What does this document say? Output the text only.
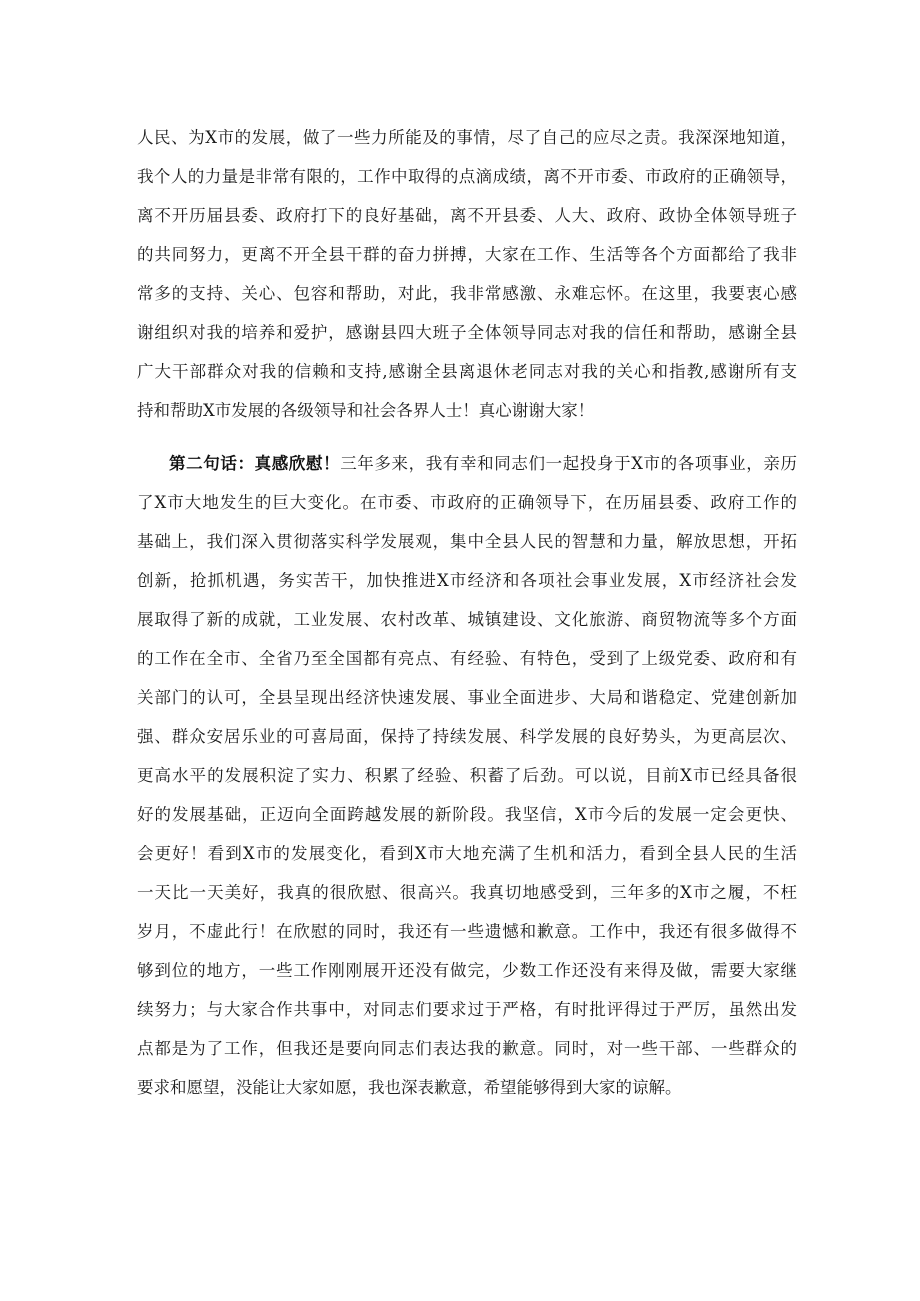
人民、为X市的发展，做了一些力所能及的事情，尽了自己的应尽之责。我深深地知道，
我个人的力量是非常有限的，工作中取得的点滴成绩，离不开市委、市政府的正确领导，
离不开历届县委、政府打下的良好基础，离不开县委、人大、政府、政协全体领导班子
的共同努力，更离不开全县干群的奋力拼搏，大家在工作、生活等各个方面都给了我非
常多的支持、关心、包容和帮助，对此，我非常感激、永难忘怀。在这里，我要衷心感
谢组织对我的培养和爱护，感谢县四大班子全体领导同志对我的信任和帮助，感谢全县
广大干部群众对我的信赖和支持,感谢全县离退休老同志对我的关心和指教,感谢所有支
持和帮助X市发展的各级领导和社会各界人士！真心谢谢大家！
第二句话：真感欣慰！三年多来，我有幸和同志们一起投身于X市的各项事业，亲历
了X市大地发生的巨大变化。在市委、市政府的正确领导下，在历届县委、政府工作的
基础上，我们深入贯彻落实科学发展观，集中全县人民的智慧和力量，解放思想，开拓
创新，抢抓机遇，务实苦干，加快推进X市经济和各项社会事业发展，X市经济社会发
展取得了新的成就，工业发展、农村改革、城镇建设、文化旅游、商贸物流等多个方面
的工作在全市、全省乃至全国都有亮点、有经验、有特色，受到了上级党委、政府和有
关部门的认可，全县呈现出经济快速发展、事业全面进步、大局和谐稳定、党建创新加
强、群众安居乐业的可喜局面，保持了持续发展、科学发展的良好势头，为更高层次、
更高水平的发展积淀了实力、积累了经验、积蓄了后劲。可以说，目前X市已经具备很
好的发展基础，正迈向全面跨越发展的新阶段。我坚信，X市今后的发展一定会更快、
会更好！看到X市的发展变化，看到X市大地充满了生机和活力，看到全县人民的生活
一天比一天美好，我真的很欣慰、很高兴。我真切地感受到，三年多的X市之履，不枉
岁月，不虚此行！在欣慰的同时，我还有一些遗憾和歉意。工作中，我还有很多做得不
够到位的地方，一些工作刚刚展开还没有做完，少数工作还没有来得及做，需要大家继
续努力；与大家合作共事中，对同志们要求过于严格，有时批评得过于严厉，虽然出发
点都是为了工作，但我还是要向同志们表达我的歉意。同时，对一些干部、一些群众的
要求和愿望，没能让大家如愿，我也深表歉意，希望能够得到大家的谅解。
